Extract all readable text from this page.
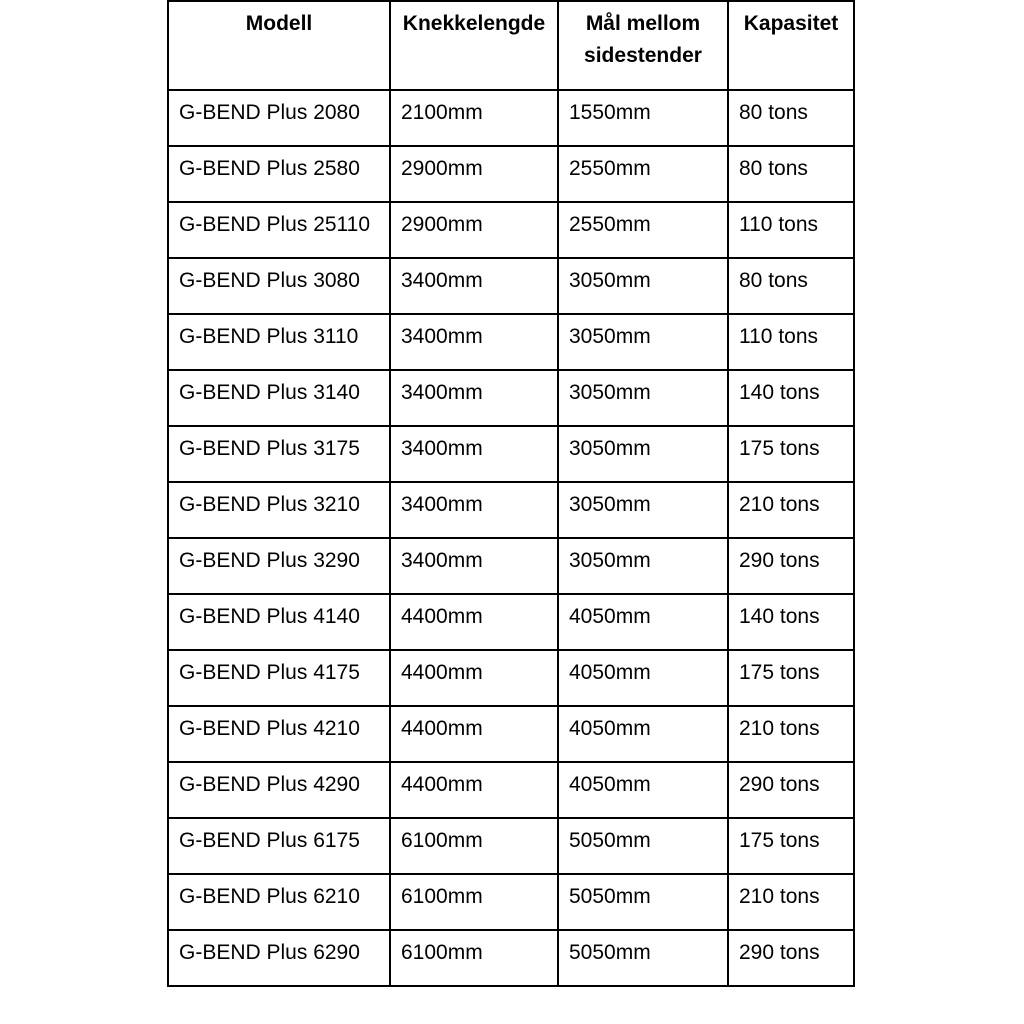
Modell	Knekkelengde	Mål mellom sidestender	Kapasitet
G-BEND Plus 2080	2100mm	1550mm	80 tons
G-BEND Plus 2580	2900mm	2550mm	80 tons
G-BEND Plus 25110	2900mm	2550mm	110 tons
G-BEND Plus 3080	3400mm	3050mm	80 tons
G-BEND Plus 3110	3400mm	3050mm	110 tons
G-BEND Plus 3140	3400mm	3050mm	140 tons
G-BEND Plus 3175	3400mm	3050mm	175 tons
G-BEND Plus 3210	3400mm	3050mm	210 tons
G-BEND Plus 3290	3400mm	3050mm	290 tons
G-BEND Plus 4140	4400mm	4050mm	140 tons
G-BEND Plus 4175	4400mm	4050mm	175 tons
G-BEND Plus 4210	4400mm	4050mm	210 tons
G-BEND Plus 4290	4400mm	4050mm	290 tons
G-BEND Plus 6175	6100mm	5050mm	175 tons
G-BEND Plus 6210	6100mm	5050mm	210 tons
G-BEND Plus 6290	6100mm	5050mm	290 tons
